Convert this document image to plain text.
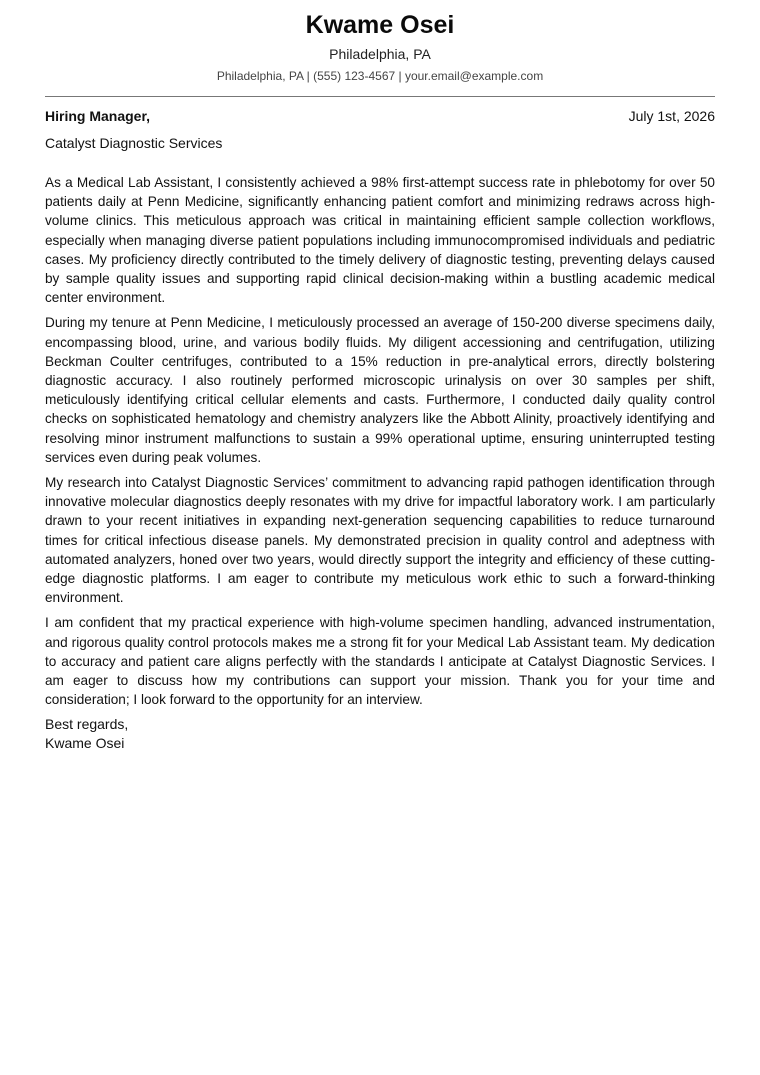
Kwame Osei
Philadelphia, PA
Philadelphia, PA | (555) 123-4567 | your.email@example.com
Hiring Manager,	July 1st, 2026
Catalyst Diagnostic Services

As a Medical Lab Assistant, I consistently achieved a 98% first-attempt success rate in phlebotomy for over 50 patients daily at Penn Medicine, significantly enhancing patient comfort and minimizing redraws across high-volume clinics. This meticulous approach was critical in maintaining efficient sample collection workflows, especially when managing diverse patient populations including immunocompromised individuals and pediatric cases. My proficiency directly contributed to the timely delivery of diagnostic testing, preventing delays caused by sample quality issues and supporting rapid clinical decision-making within a bustling academic medical center environment.

During my tenure at Penn Medicine, I meticulously processed an average of 150-200 diverse specimens daily, encompassing blood, urine, and various bodily fluids. My diligent accessioning and centrifugation, utilizing Beckman Coulter centrifuges, contributed to a 15% reduction in pre-analytical errors, directly bolstering diagnostic accuracy. I also routinely performed microscopic urinalysis on over 30 samples per shift, meticulously identifying critical cellular elements and casts. Furthermore, I conducted daily quality control checks on sophisticated hematology and chemistry analyzers like the Abbott Alinity, proactively identifying and resolving minor instrument malfunctions to sustain a 99% operational uptime, ensuring uninterrupted testing services even during peak volumes.

My research into Catalyst Diagnostic Services’ commitment to advancing rapid pathogen identification through innovative molecular diagnostics deeply resonates with my drive for impactful laboratory work. I am particularly drawn to your recent initiatives in expanding next-generation sequencing capabilities to reduce turnaround times for critical infectious disease panels. My demonstrated precision in quality control and adeptness with automated analyzers, honed over two years, would directly support the integrity and efficiency of these cutting-edge diagnostic platforms. I am eager to contribute my meticulous work ethic to such a forward-thinking environment.

I am confident that my practical experience with high-volume specimen handling, advanced instrumentation, and rigorous quality control protocols makes me a strong fit for your Medical Lab Assistant team. My dedication to accuracy and patient care aligns perfectly with the standards I anticipate at Catalyst Diagnostic Services. I am eager to discuss how my contributions can support your mission. Thank you for your time and consideration; I look forward to the opportunity for an interview.

Best regards,
Kwame Osei
